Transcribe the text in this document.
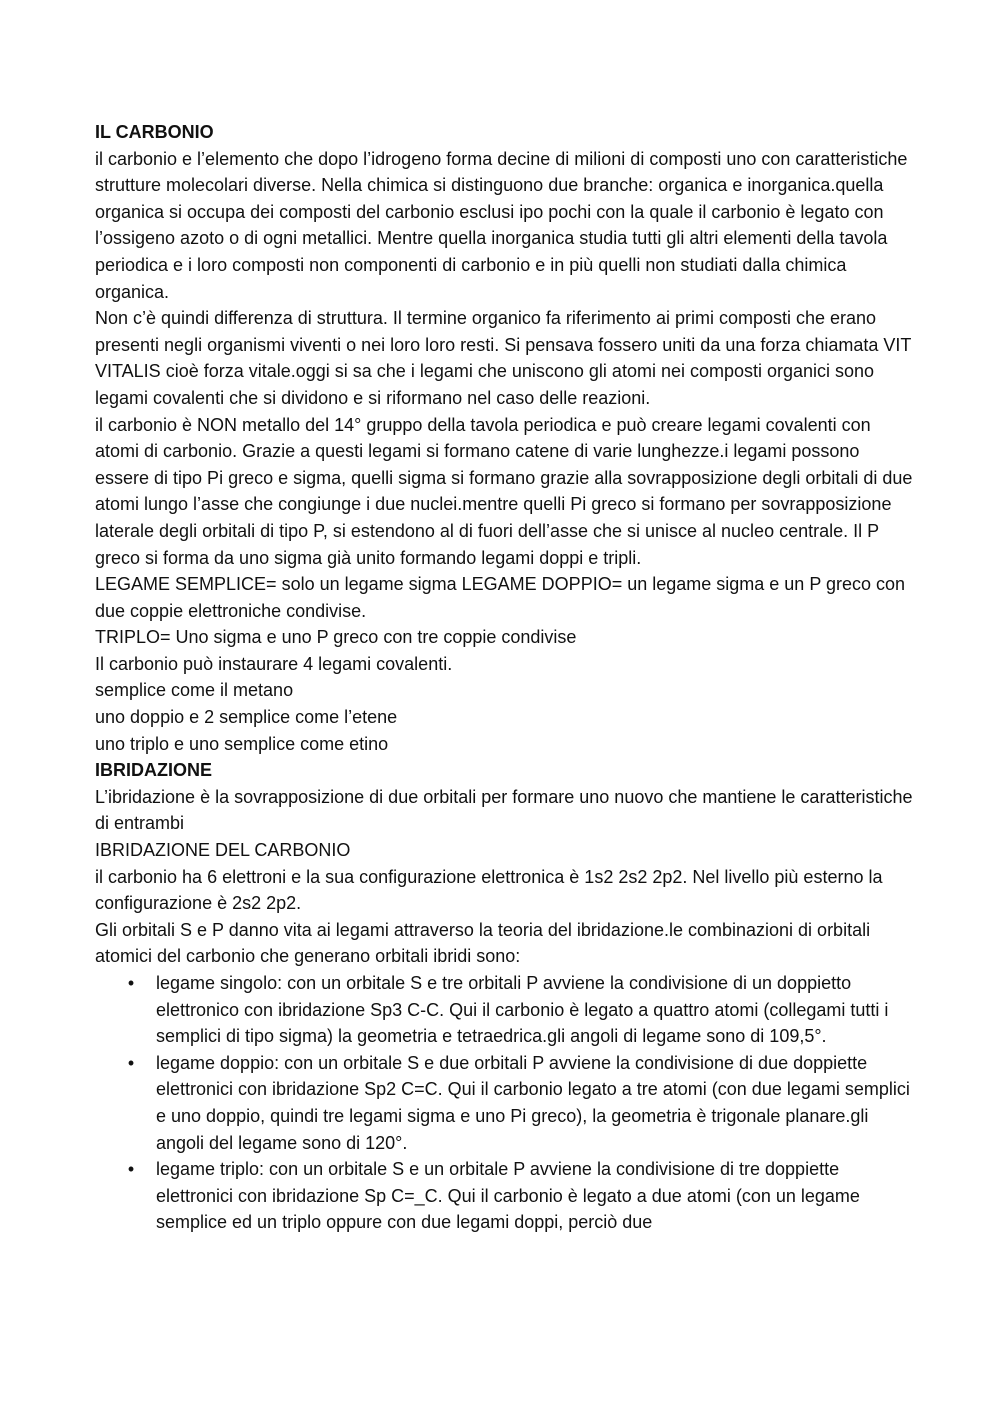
IL CARBONIO

il carbonio e l’elemento che dopo l’idrogeno forma decine di milioni di composti uno con caratteristiche strutture molecolari diverse. Nella chimica si distinguono due branche: organica e inorganica.quella organica si occupa dei composti del carbonio esclusi ipo pochi con la quale il carbonio è legato con l’ossigeno azoto o di ogni metallici. Mentre quella inorganica studia tutti gli altri elementi della tavola periodica e i loro composti non componenti di carbonio e in più quelli non studiati dalla chimica organica.

Non c’è quindi differenza di struttura. Il termine organico fa riferimento ai primi composti che erano presenti negli organismi viventi o nei loro loro resti. Si pensava fossero uniti da una forza chiamata VIT VITALIS cioè forza vitale.oggi si sa che i legami che uniscono gli atomi nei composti organici sono legami covalenti che si dividono e si riformano nel caso delle reazioni.

il carbonio è NON metallo del 14° gruppo della tavola periodica e può creare legami covalenti con atomi di carbonio. Grazie a questi legami si formano catene di varie lunghezze.i legami possono essere di tipo Pi greco e sigma, quelli sigma si formano grazie alla sovrapposizione degli orbitali di due atomi lungo l’asse che congiunge i due nuclei.mentre quelli Pi greco si formano per sovrapposizione laterale degli orbitali di tipo P, si estendono al di fuori dell’asse che si unisce al nucleo centrale. Il P greco si forma da uno sigma già unito formando legami doppi e tripli.

LEGAME SEMPLICE= solo un legame sigma LEGAME DOPPIO= un legame sigma e un P greco con due coppie elettroniche condivise.

TRIPLO= Uno sigma e uno P greco con tre coppie condivise

Il carbonio può instaurare 4 legami covalenti.

semplice come il metano

uno doppio e 2 semplice come l’etene

uno triplo e uno semplice come etino

IBRIDAZIONE

L’ibridazione è la sovrapposizione di due orbitali per formare uno nuovo che mantiene le caratteristiche di entrambi

IBRIDAZIONE DEL CARBONIO

il carbonio ha 6 elettroni e la sua configurazione elettronica è 1s2 2s2 2p2. Nel livello più esterno la configurazione è 2s2 2p2.

Gli orbitali S e P danno vita ai legami attraverso la teoria del ibridazione.le combinazioni di orbitali atomici del carbonio che generano orbitali ibridi sono:

• legame singolo: con un orbitale S e tre orbitali P avviene la condivisione di un doppietto elettronico con ibridazione Sp3 C-C. Qui il carbonio è legato a quattro atomi (collegami tutti i semplici di tipo sigma) la geometria e tetraedrica.gli angoli di legame sono di 109,5°.
• legame doppio: con un orbitale S e due orbitali P avviene la condivisione di due doppiette elettronici con ibridazione Sp2 C=C. Qui il carbonio legato a tre atomi (con due legami semplici e uno doppio, quindi tre legami sigma e uno Pi greco), la geometria è trigonale planare.gli angoli del legame sono di 120°.
• legame triplo: con un orbitale S e un orbitale P avviene la condivisione di tre doppiette elettronici con ibridazione Sp C=_C. Qui il carbonio è legato a due atomi (con un legame semplice ed un triplo oppure con due legami doppi, perciò due
